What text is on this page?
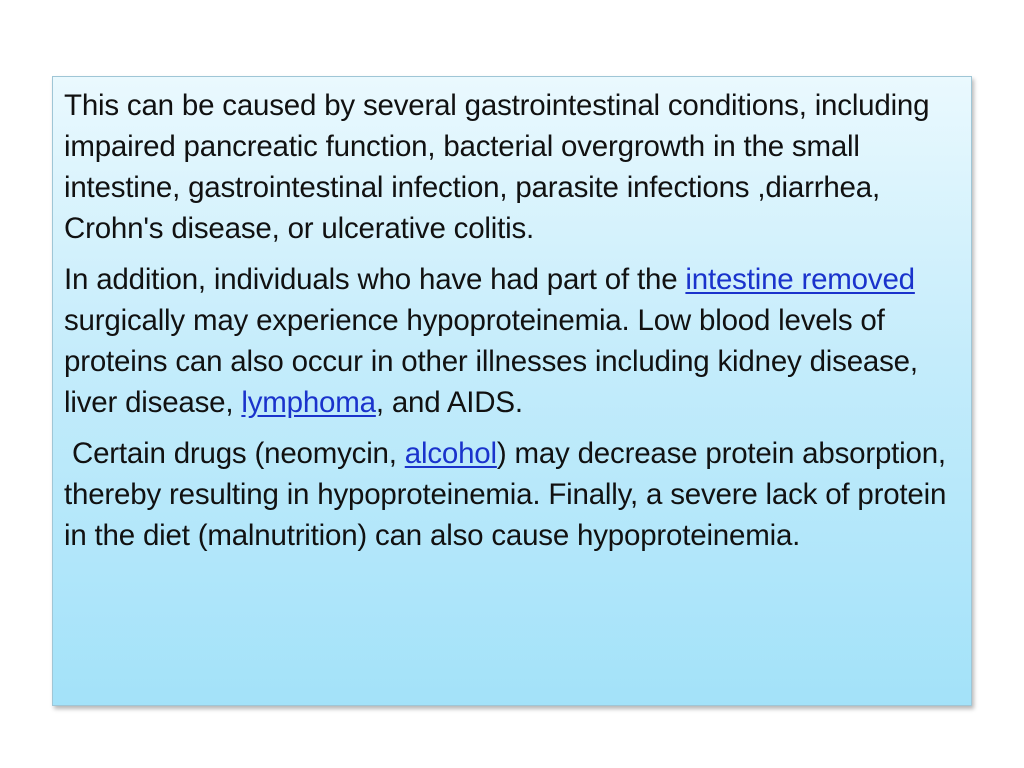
This can be caused by several gastrointestinal conditions, including impaired pancreatic function, bacterial overgrowth in the small intestine, gastrointestinal infection, parasite infections ,diarrhea, Crohn's disease, or ulcerative colitis.

In addition, individuals who have had part of the intestine removed surgically may experience hypoproteinemia. Low blood levels of proteins can also occur in other illnesses including kidney disease, liver disease, lymphoma, and AIDS.

Certain drugs (neomycin, alcohol) may decrease protein absorption, thereby resulting in hypoproteinemia. Finally, a severe lack of protein in the diet (malnutrition) can also cause hypoproteinemia.
